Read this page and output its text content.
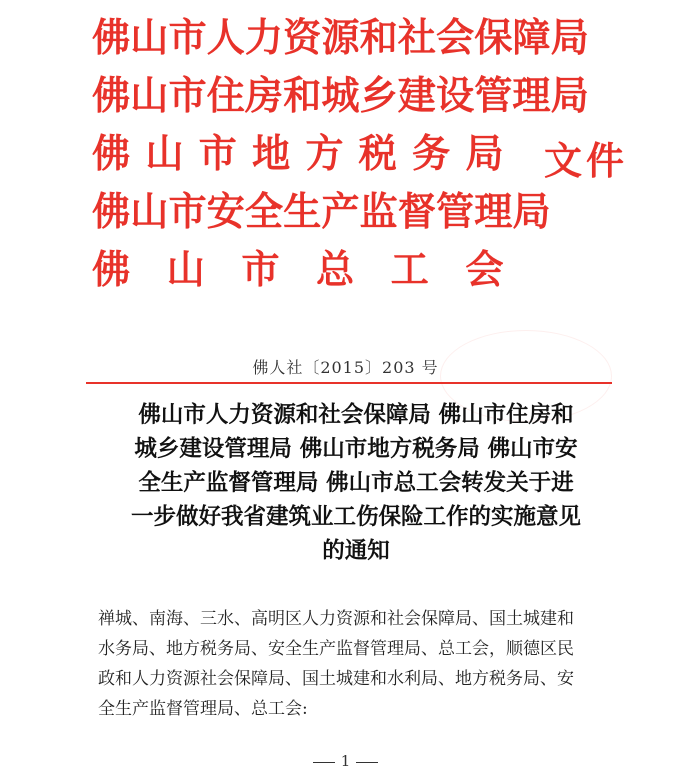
佛山市人力资源和社会保障局
佛山市住房和城乡建设管理局
佛 山 市 地 方 税 务 局 文件
佛山市安全生产监督管理局
佛 山 市 总 工 会
佛人社〔2015〕203 号
佛山市人力资源和社会保障局 佛山市住房和
城乡建设管理局 佛山市地方税务局 佛山市安
全生产监督管理局 佛山市总工会转发关于进
一步做好我省建筑业工伤保险工作的实施意见
的通知
禅城、南海、三水、高明区人力资源和社会保障局、国土城建和
水务局、地方税务局、安全生产监督管理局、总工会，顺德区民
政和人力资源社会保障局、国土城建和水利局、地方税务局、安
全生产监督管理局、总工会:
1
